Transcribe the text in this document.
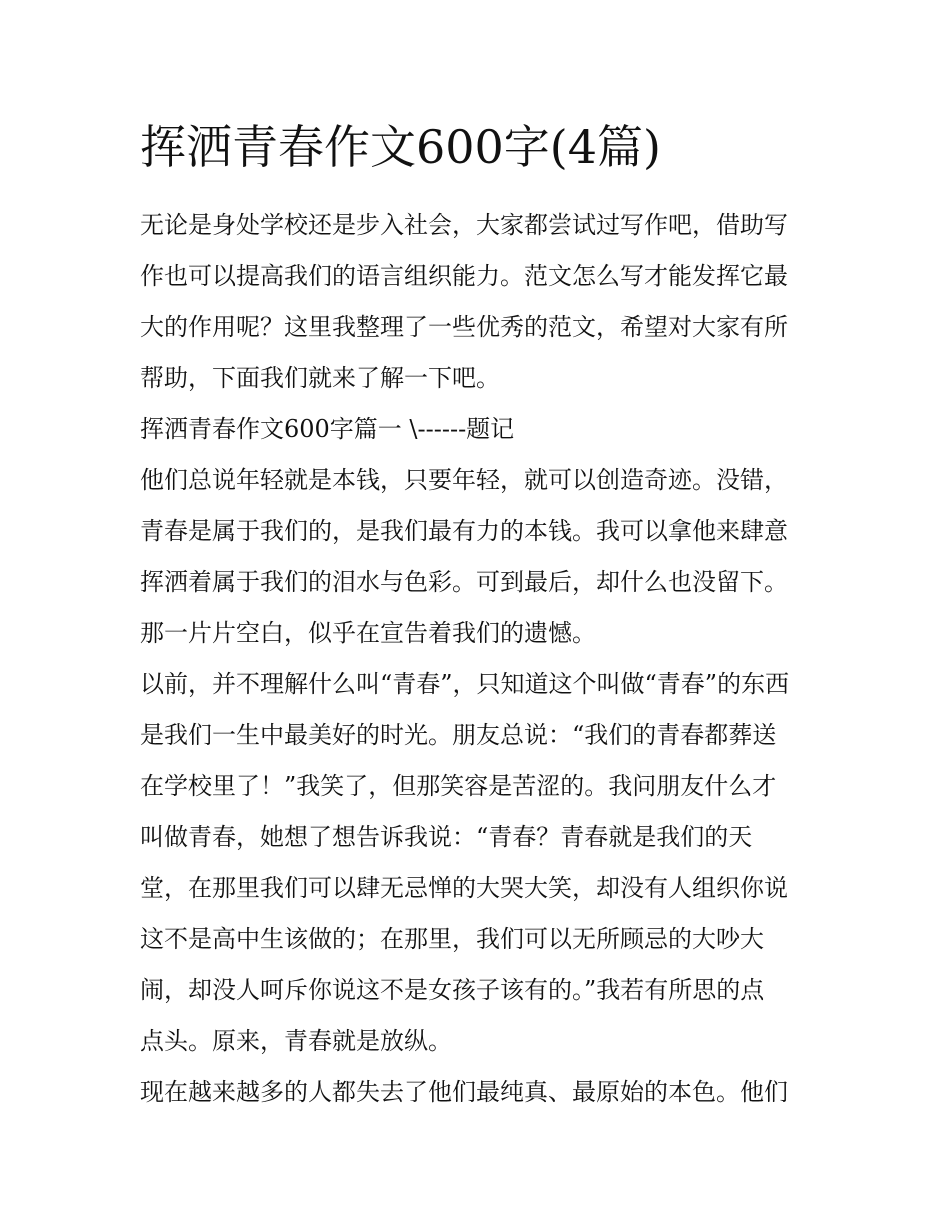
挥洒青春作文600字(4篇)

无论是身处学校还是步入社会，大家都尝试过写作吧，借助写
作也可以提高我们的语言组织能力。范文怎么写才能发挥它最
大的作用呢？这里我整理了一些优秀的范文，希望对大家有所
帮助，下面我们就来了解一下吧。

挥洒青春作文600字篇一 \------题记

他们总说年轻就是本钱，只要年轻，就可以创造奇迹。没错，
青春是属于我们的，是我们最有力的本钱。我可以拿他来肆意
挥洒着属于我们的泪水与色彩。可到最后，却什么也没留下。
那一片片空白，似乎在宣告着我们的遗憾。

以前，并不理解什么叫“青春”，只知道这个叫做“青春”的东西
是我们一生中最美好的时光。朋友总说：“我们的青春都葬送
在学校里了！”我笑了，但那笑容是苦涩的。我问朋友什么才
叫做青春，她想了想告诉我说：“青春？青春就是我们的天
堂，在那里我们可以肆无忌惮的大哭大笑，却没有人组织你说
这不是高中生该做的；在那里，我们可以无所顾忌的大吵大
闹，却没人呵斥你说这不是女孩子该有的。”我若有所思的点
点头。原来，青春就是放纵。

现在越来越多的人都失去了他们最纯真、最原始的本色。他们
